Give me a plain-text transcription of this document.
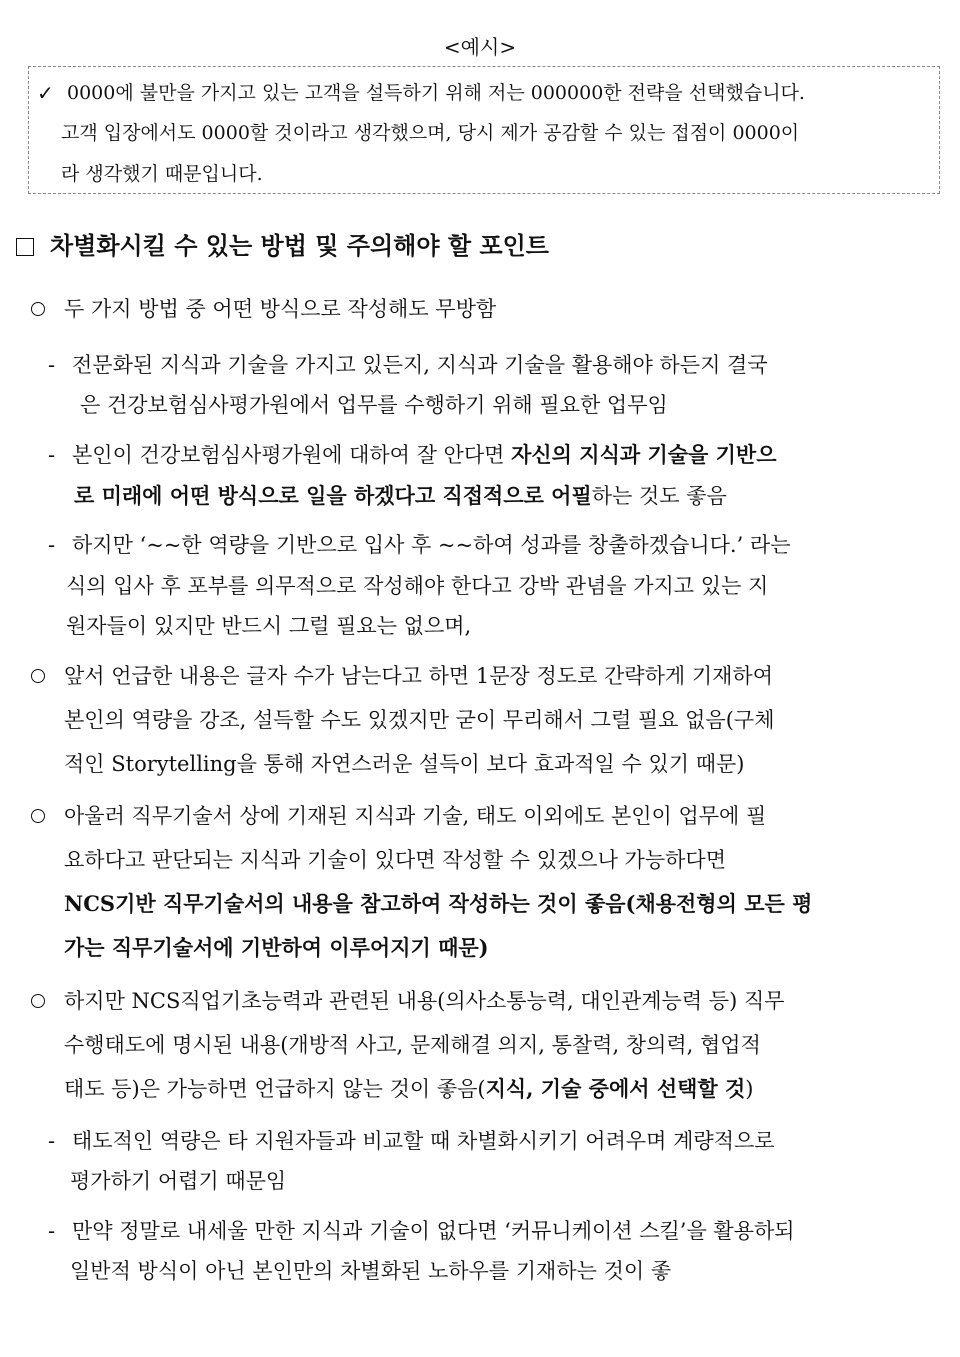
<예시>
✓ 0000에 불만을 가지고 있는 고객을 설득하기 위해 저는 000000한 전략을 선택했습니다.
고객 입장에서도 0000할 것이라고 생각했으며, 당시 제가 공감할 수 있는 접점이 0000이
라 생각했기 때문입니다.
차별화시킬 수 있는 방법 및 주의해야 할 포인트
두 가지 방법 중 어떤 방식으로 작성해도 무방함
- 전문화된 지식과 기술을 가지고 있든지, 지식과 기술을 활용해야 하든지 결국
은 건강보험심사평가원에서 업무를 수행하기 위해 필요한 업무임
- 본인이 건강보험심사평가원에 대하여 잘 안다면 자신의 지식과 기술을 기반으
로 미래에 어떤 방식으로 일을 하겠다고 직접적으로 어필하는 것도 좋음
- 하지만 ‘~~한 역량을 기반으로 입사 후 ~~하여 성과를 창출하겠습니다.’ 라는
식의 입사 후 포부를 의무적으로 작성해야 한다고 강박 관념을 가지고 있는 지
원자들이 있지만 반드시 그럴 필요는 없으며,
앞서 언급한 내용은 글자 수가 남는다고 하면 1문장 정도로 간략하게 기재하여
본인의 역량을 강조, 설득할 수도 있겠지만 굳이 무리해서 그럴 필요 없음(구체
적인 Storytelling을 통해 자연스러운 설득이 보다 효과적일 수 있기 때문)
아울러 직무기술서 상에 기재된 지식과 기술, 태도 이외에도 본인이 업무에 필
요하다고 판단되는 지식과 기술이 있다면 작성할 수 있겠으나 가능하다면
NCS기반 직무기술서의 내용을 참고하여 작성하는 것이 좋음(채용전형의 모든 평
가는 직무기술서에 기반하여 이루어지기 때문)
하지만 NCS직업기초능력과 관련된 내용(의사소통능력, 대인관계능력 등) 직무
수행태도에 명시된 내용(개방적 사고, 문제해결 의지, 통찰력, 창의력, 협업적
태도 등)은 가능하면 언급하지 않는 것이 좋음(지식, 기술 중에서 선택할 것)
- 태도적인 역량은 타 지원자들과 비교할 때 차별화시키기 어려우며 계량적으로
평가하기 어렵기 때문임
- 만약 정말로 내세울 만한 지식과 기술이 없다면 ‘커뮤니케이션 스킬’을 활용하되
일반적 방식이 아닌 본인만의 차별화된 노하우를 기재하는 것이 좋
